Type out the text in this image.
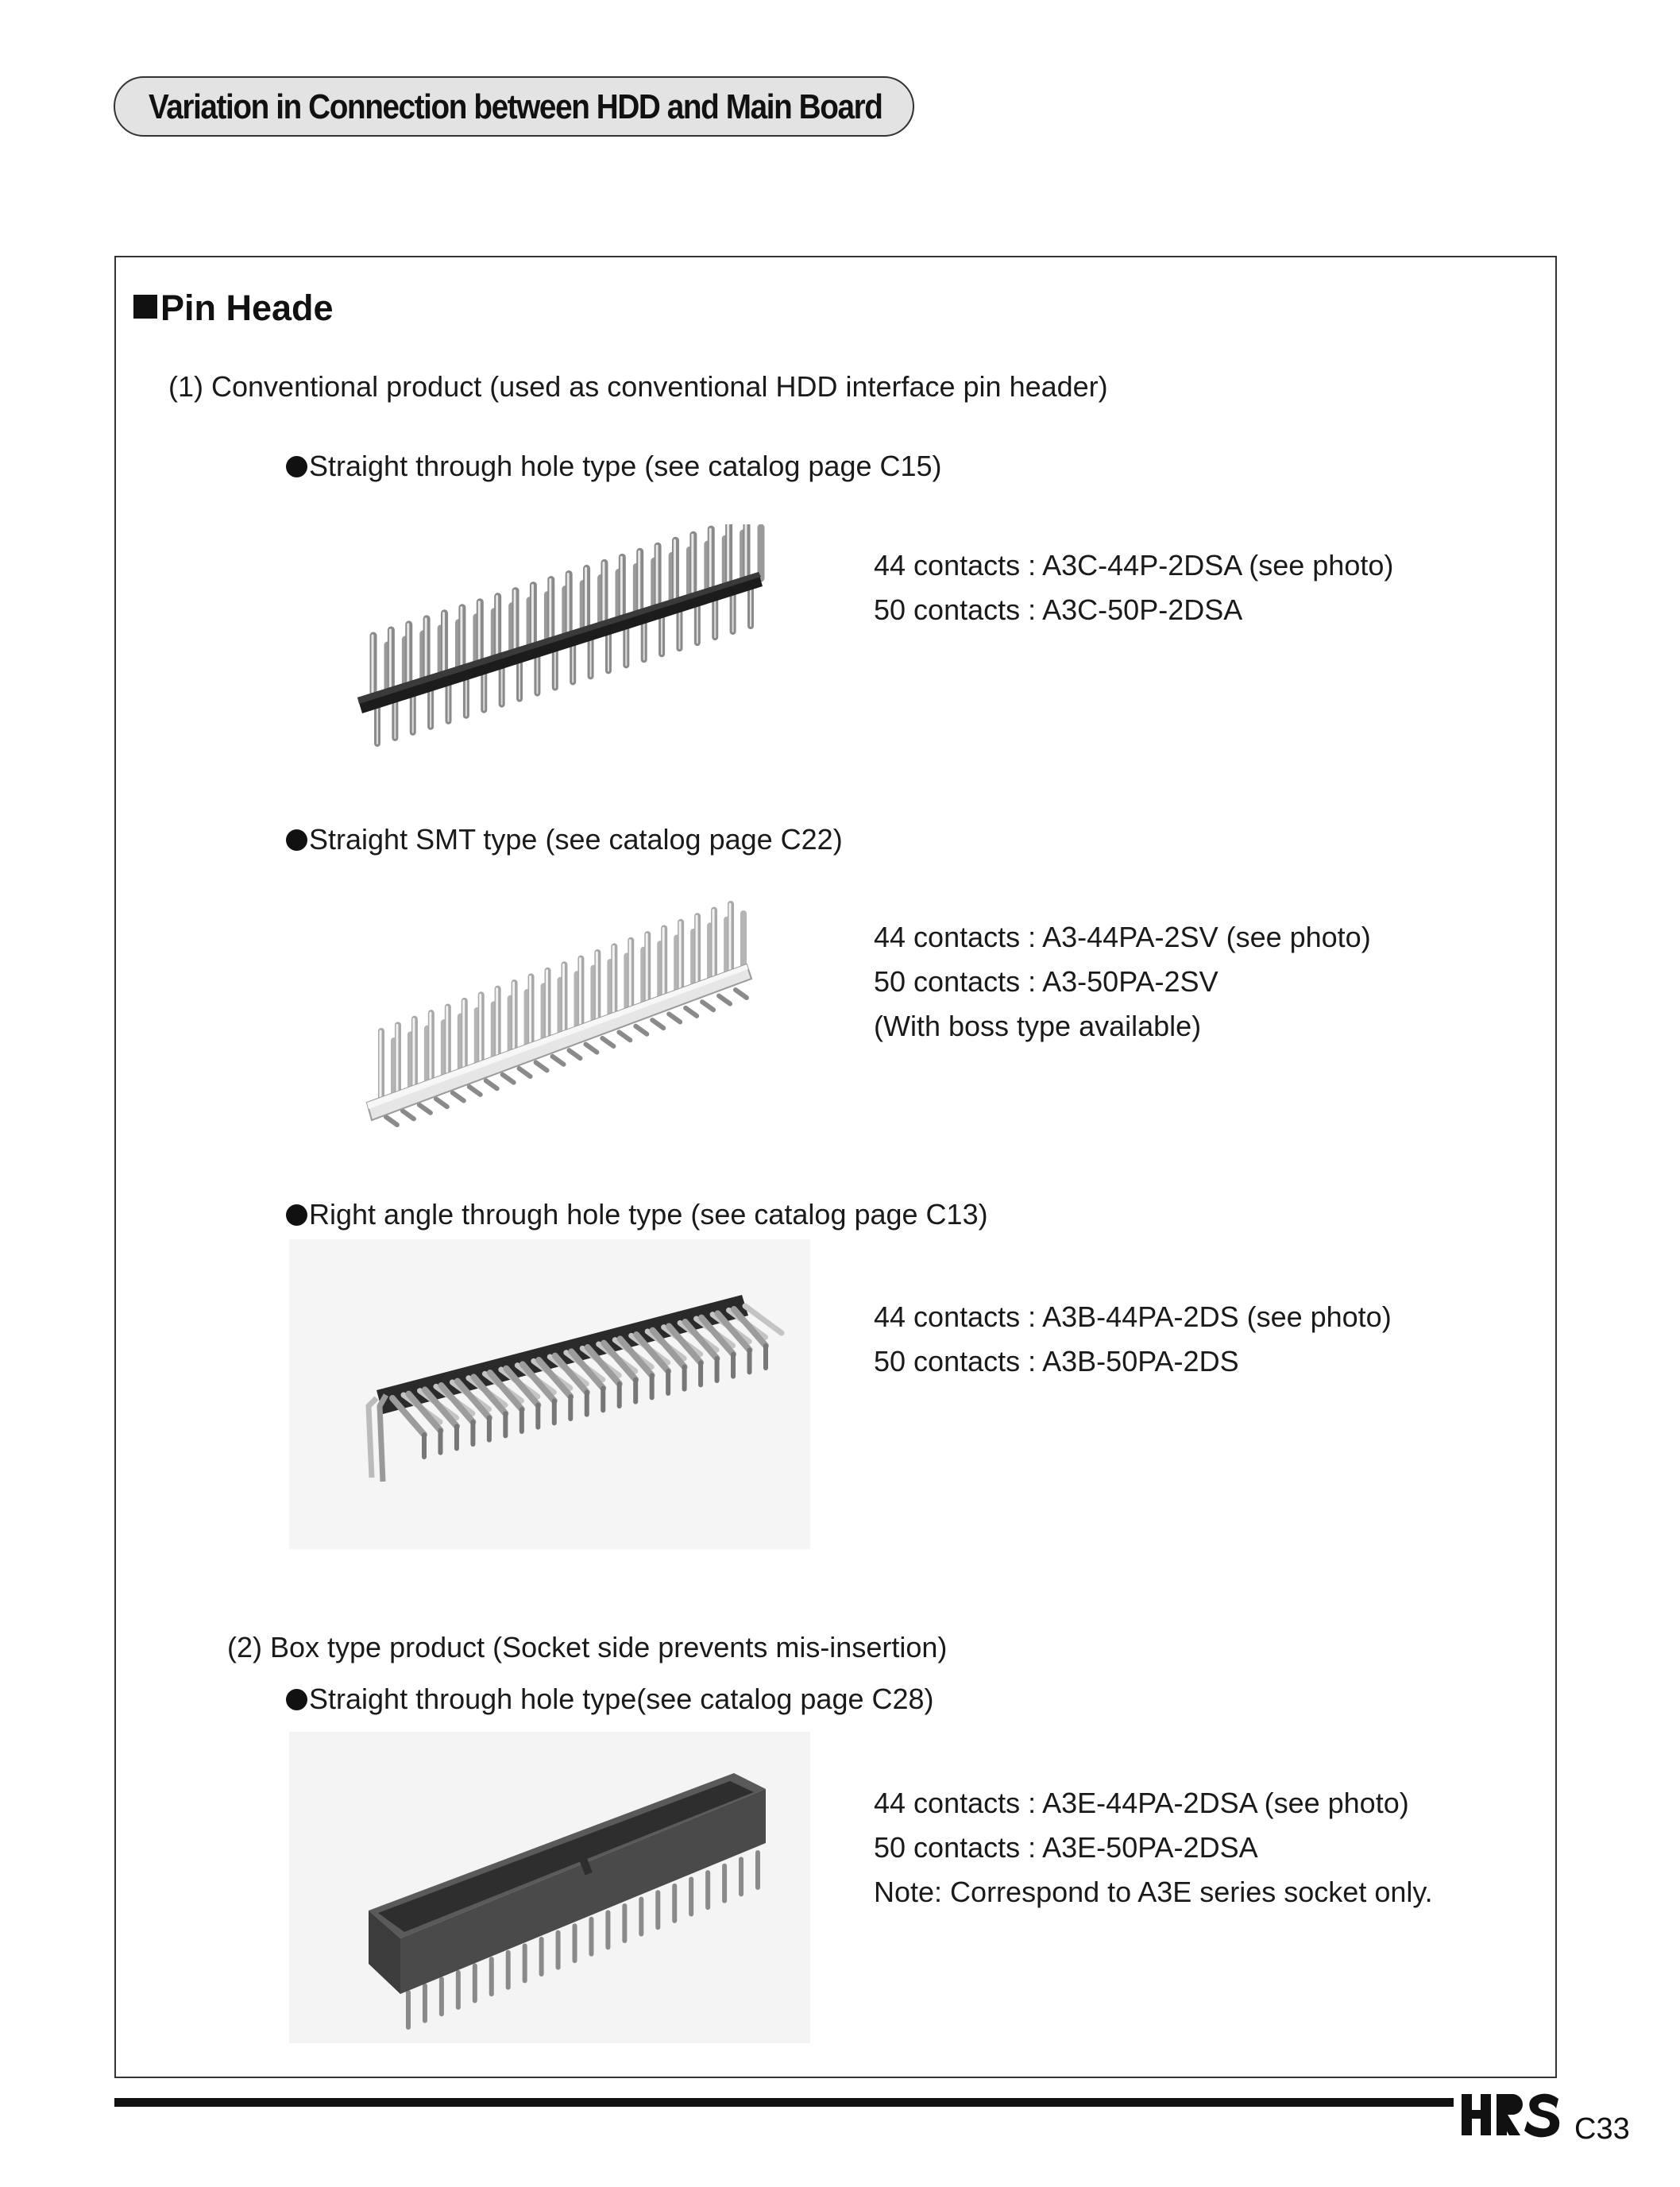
Variation in Connection between HDD and Main Board
Pin Heade
(1) Conventional product (used as conventional HDD interface pin header)
Straight through hole type (see catalog page C15)
44 contacts : A3C-44P-2DSA (see photo)
50 contacts : A3C-50P-2DSA
Straight SMT type (see catalog page C22)
44 contacts : A3-44PA-2SV (see photo)
50 contacts : A3-50PA-2SV
(With boss type available)
Right angle through hole type (see catalog page C13)
44 contacts : A3B-44PA-2DS (see photo)
50 contacts : A3B-50PA-2DS
(2) Box type product (Socket side prevents mis-insertion)
Straight through hole type(see catalog page C28)
44 contacts : A3E-44PA-2DSA (see photo)
50 contacts : A3E-50PA-2DSA
Note: Correspond to A3E series socket only.
C33
